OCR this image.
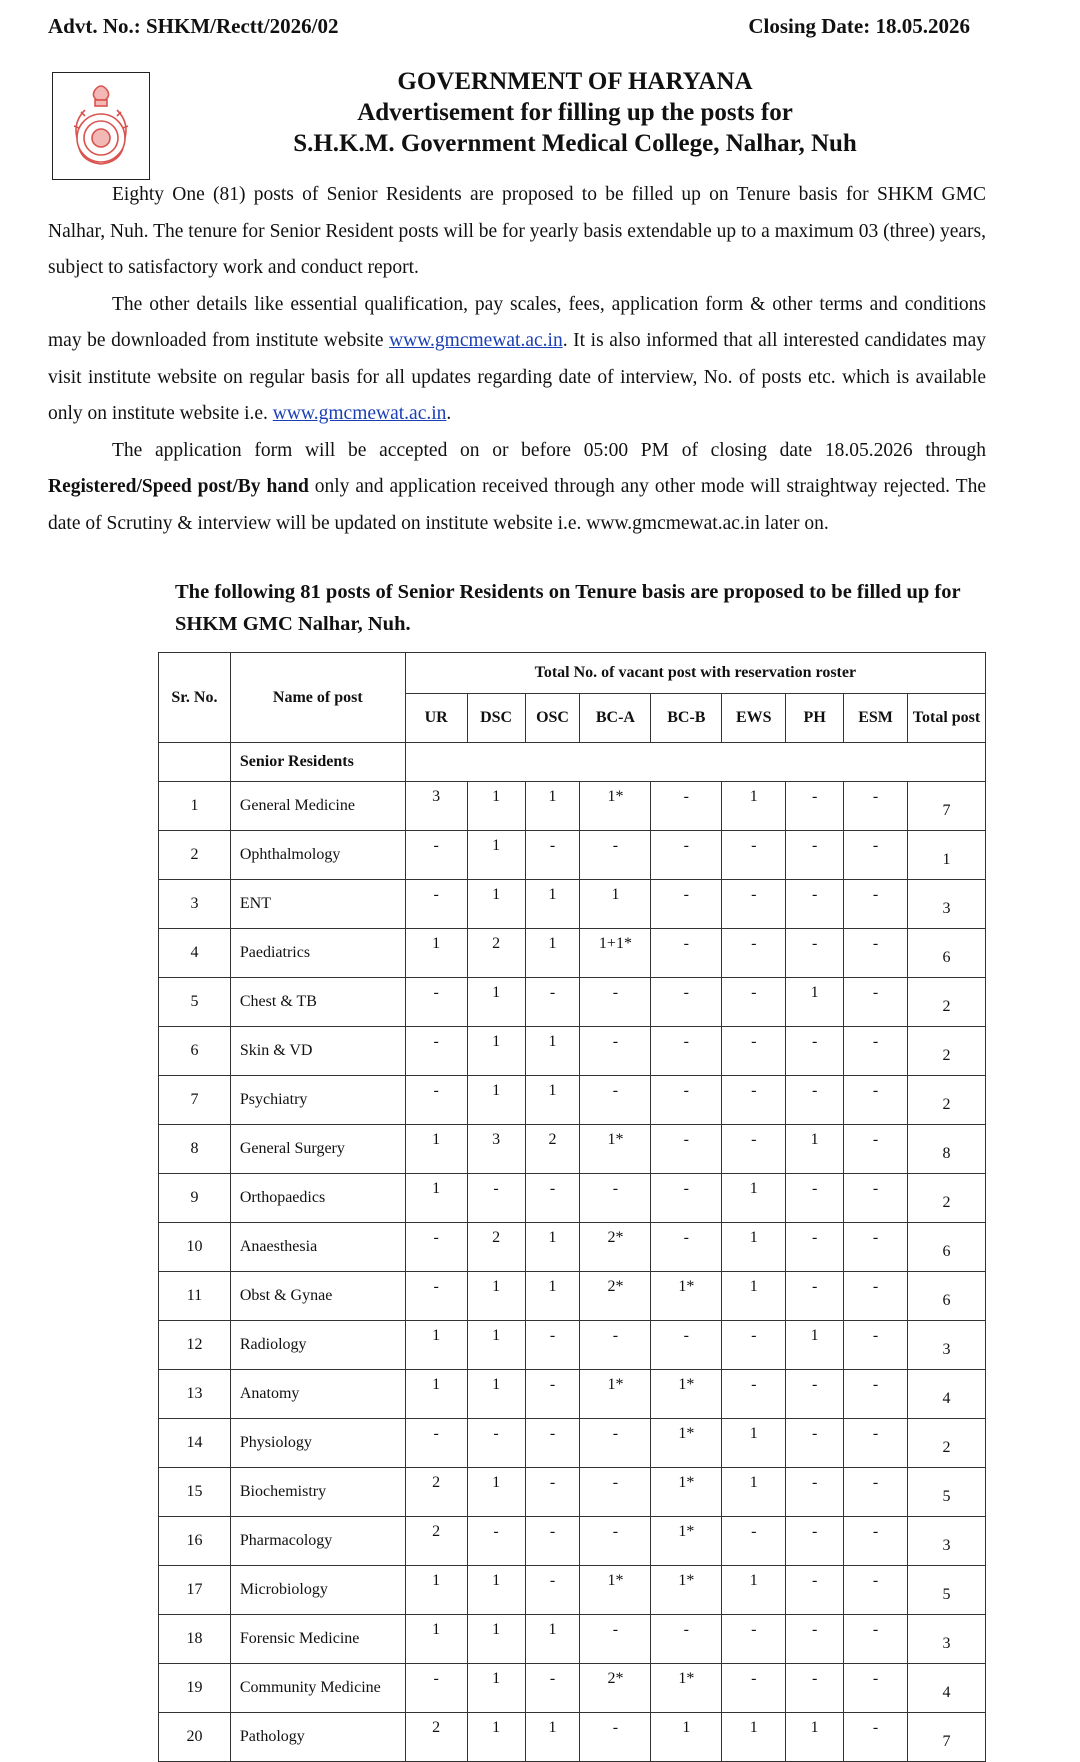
Advt. No.: SHKM/Rectt/2026/02	Closing Date: 18.05.2026
GOVERNMENT OF HARYANA
Advertisement for filling up the posts for
S.H.K.M. Government Medical College, Nalhar, Nuh

Eighty One (81) posts of Senior Residents are proposed to be filled up on Tenure basis for SHKM GMC Nalhar, Nuh. The tenure for Senior Resident posts will be for yearly basis extendable up to a maximum 03 (three) years, subject to satisfactory work and conduct report.

The other details like essential qualification, pay scales, fees, application form & other terms and conditions may be downloaded from institute website www.gmcmewat.ac.in. It is also informed that all interested candidates may visit institute website on regular basis for all updates regarding date of interview, No. of posts etc. which is available only on institute website i.e. www.gmcmewat.ac.in.

The application form will be accepted on or before 05:00 PM of closing date 18.05.2026 through Registered/Speed post/By hand only and application received through any other mode will straightway rejected. The date of Scrutiny & interview will be updated on institute website i.e. www.gmcmewat.ac.in later on.

The following 81 posts of Senior Residents on Tenure basis are proposed to be filled up for SHKM GMC Nalhar, Nuh.
Sr. No.	Name of post	Total No. of vacant post with reservation roster								
		UR	DSC	OSC	BC-A	BC-B	EWS	PH	ESM	Total post
	Senior Residents									
1	General Medicine	3	1	1	1*	-	1	-	-	7
2	Ophthalmology	-	1	-	-	-	-	-	-	1
3	ENT	-	1	1	1	-	-	-	-	3
4	Paediatrics	1	2	1	1+1*	-	-	-	-	6
5	Chest & TB	-	1	-	-	-	-	1	-	2
6	Skin & VD	-	1	1	-	-	-	-	-	2
7	Psychiatry	-	1	1	-	-	-	-	-	2
8	General Surgery	1	3	2	1*	-	-	1	-	8
9	Orthopaedics	1	-	-	-	-	1	-	-	2
10	Anaesthesia	-	2	1	2*	-	1	-	-	6
11	Obst & Gynae	-	1	1	2*	1*	1	-	-	6
12	Radiology	1	1	-	-	-	-	1	-	3
13	Anatomy	1	1	-	1*	1*	-	-	-	4
14	Physiology	-	-	-	-	1*	1	-	-	2
15	Biochemistry	2	1	-	-	1*	1	-	-	5
16	Pharmacology	2	-	-	-	1*	-	-	-	3
17	Microbiology	1	1	-	1*	1*	1	-	-	5
18	Forensic Medicine	1	1	1	-	-	-	-	-	3
19	Community Medicine	-	1	-	2*	1*	-	-	-	4
20	Pathology	2	1	1	-	1	1	1	-	7
